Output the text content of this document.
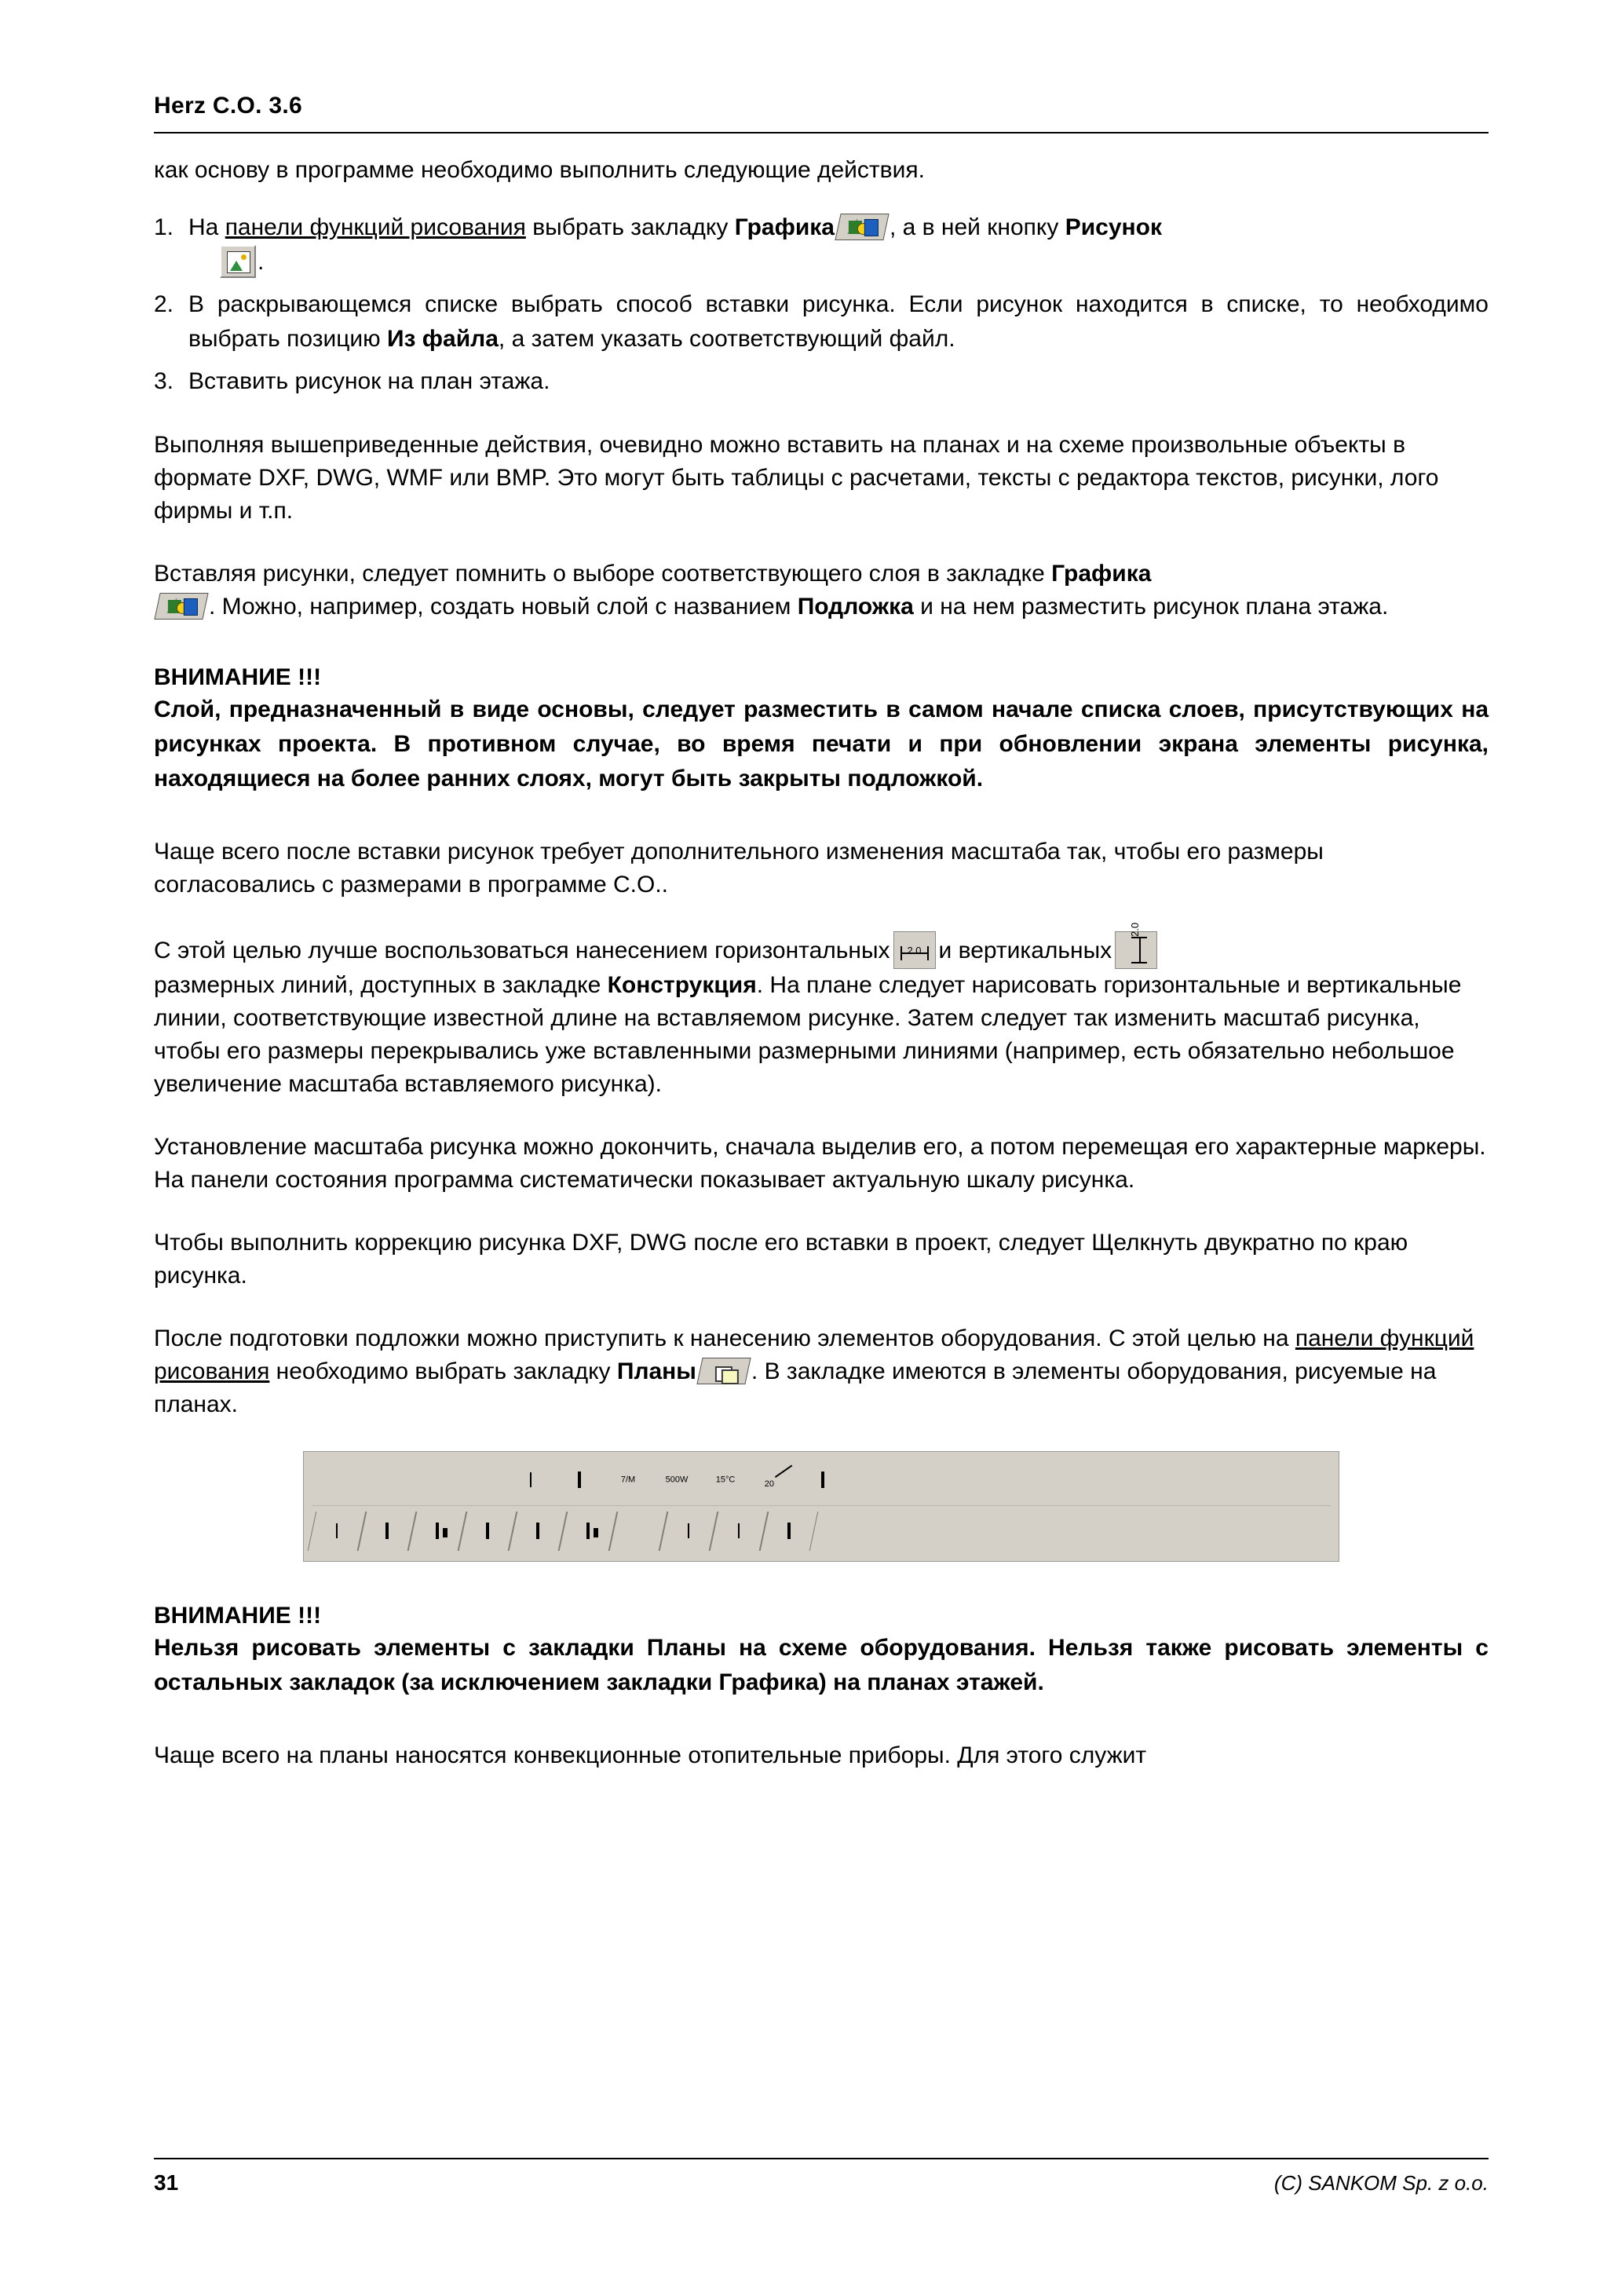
Herz C.O. 3.6
как основу в программе необходимо выполнить следующие действия.
1. На панели функций рисования выбрать закладку Графика , а в ней кнопку Рисунок

.
2. В раскрывающемся списке выбрать способ вставки рисунка. Если рисунок находится в списке, то необходимо выбрать позицию Из файла, а затем указать соответствующий файл.
3. Вставить рисунок на план этажа.
Выполняя вышеприведенные действия, очевидно можно вставить на планах и на схеме произвольные объекты в формате DXF, DWG, WMF или BMP. Это могут быть таблицы с расчетами, тексты с редактора текстов, рисунки, лого фирмы и т.п.
Вставляя рисунки, следует помнить о выборе соответствующего слоя в закладке Графика

. Можно, например, создать новый слой с названием Подложка и на нем разместить рисунок плана этажа.
ВНИМАНИЕ !!!
Слой, предназначенный в виде основы, следует разместить в самом начале списка слоев, присутствующих на рисунках проекта. В противном случае, во время печати и при обновлении экрана элементы рисунка, находящиеся на более ранних слоях, могут быть закрыты подложкой.
Чаще всего после вставки рисунок требует дополнительного изменения масштаба так, чтобы его размеры согласовались с размерами в программе C.O..
С этой целью лучше воспользоваться нанесением горизонтальных	2.0 и вертикальных
2.0

размерных линий, доступных в закладке Конструкция. На плане следует нарисовать горизонтальные и вертикальные линии, соответствующие известной длине на вставляемом рисунке. Затем следует так изменить масштаб рисунка, чтобы его размеры перекрывались уже вставленными размерными линиями (например, есть обязательно небольшое увеличение масштаба вставляемого рисунка).
Установление масштаба рисунка можно докончить, сначала выделив его, а потом перемещая его характерные маркеры. На панели состояния программа систематически показывает актуальную шкалу рисунка.
Чтобы выполнить коррекцию рисунка DXF, DWG после его вставки в проект, следует Щелкнуть двукратно по краю рисунка.
После подготовки подложки можно приступить к нанесению элементов оборудования. С этой целью на панели функций рисования необходимо выбрать закладку Планы . В закладке имеются в элементы оборудования, рисуемые на планах.
7/M	500W	15°C	20
ВНИМАНИЕ !!!
Нельзя рисовать элементы с закладки Планы на схеме оборудования. Нельзя также рисовать элементы с остальных закладок (за исключением закладки Графика) на планах этажей.
Чаще всего на планы наносятся конвекционные отопительные приборы. Для этого служит
31	(C) SANKOM Sp. z o.o.
